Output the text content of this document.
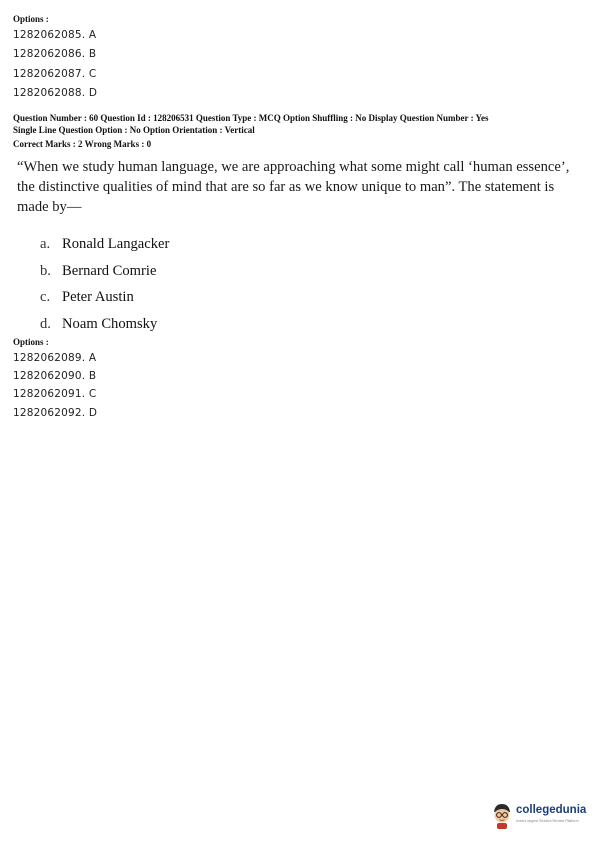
Options :
1282062085. A
1282062086. B
1282062087. C
1282062088. D
Question Number : 60 Question Id : 128206531 Question Type : MCQ Option Shuffling : No Display Question Number : Yes
Single Line Question Option : No Option Orientation : Vertical
Correct Marks : 2 Wrong Marks : 0
“When we study human language, we are approaching what some might call ‘human essence’, the distinctive qualities of mind that are so far as we know unique to man”. The statement is made by—
a. Ronald Langacker
b. Bernard Comrie
c. Peter Austin
d. Noam Chomsky
Options :
1282062089. A
1282062090. B
1282062091. C
1282062092. D
collegedunia
India's largest Student Review Platform
